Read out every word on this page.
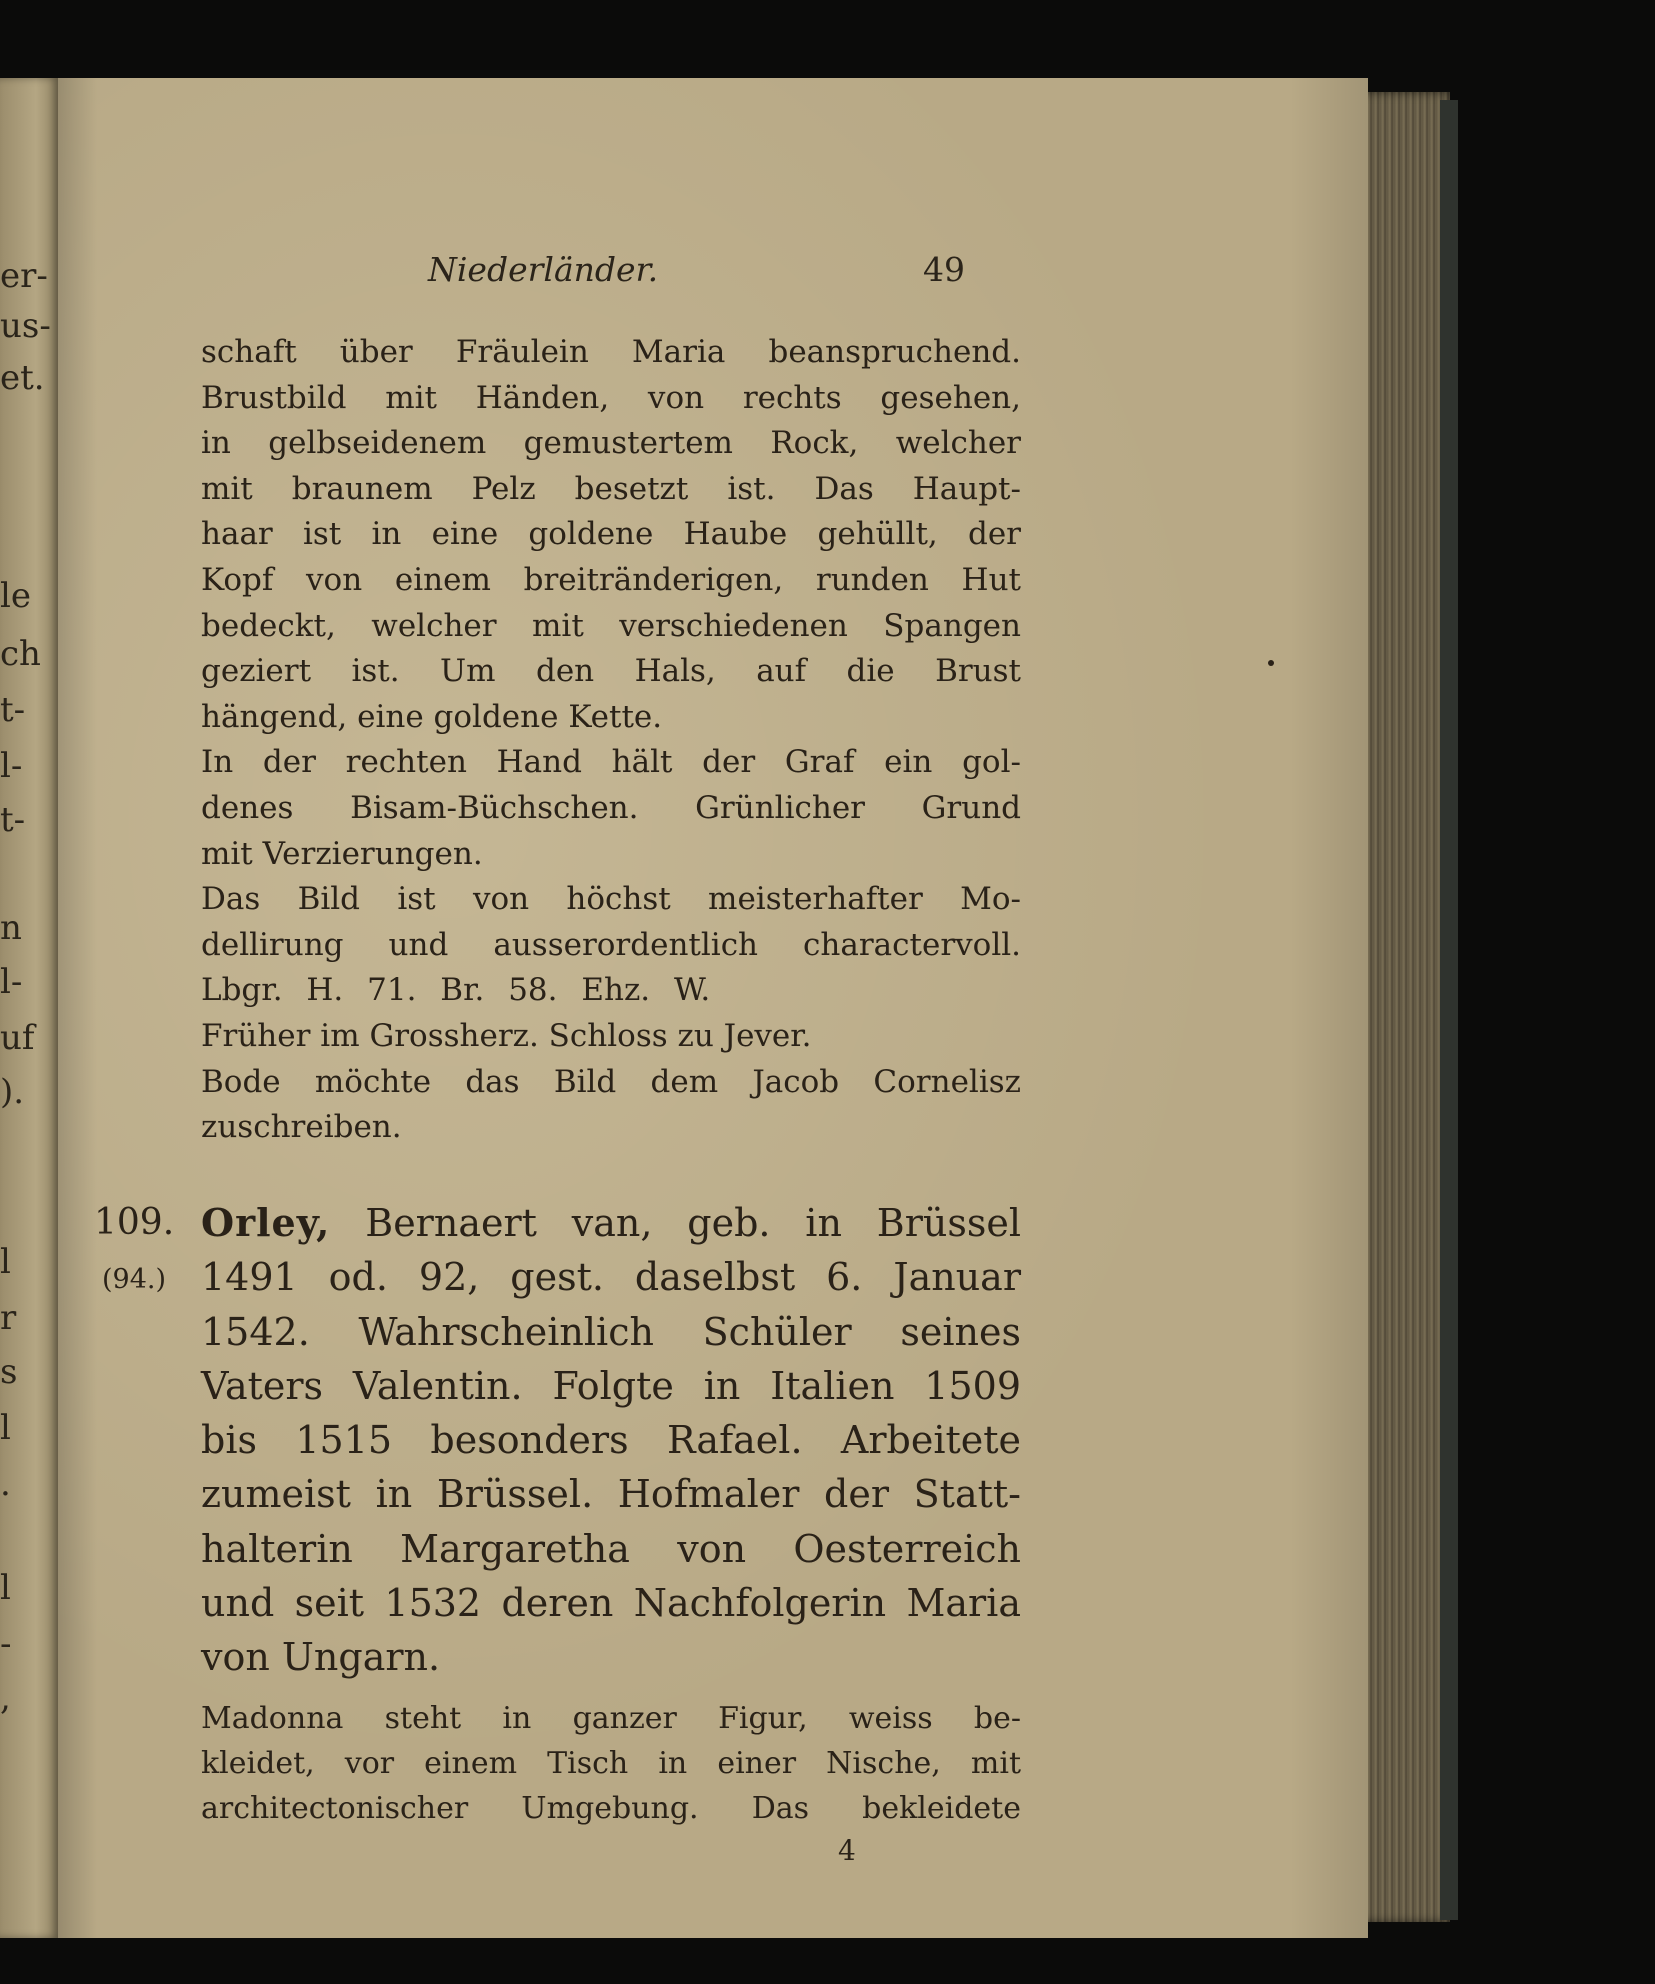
er-
us-
et.
le
ch
t-
l-
t-
n
l-
uf
).
l
r
s
l
.
l
-
,
Niederländer.	49
schaft über Fräulein Maria beanspruchend.
Brustbild mit Händen, von rechts gesehen,
in gelbseidenem gemustertem Rock, welcher
mit braunem Pelz besetzt ist. Das Haupt-
haar ist in eine goldene Haube gehüllt, der
Kopf von einem breitränderigen, runden Hut
bedeckt, welcher mit verschiedenen Spangen
geziert ist. Um den Hals, auf die Brust
hängend, eine goldene Kette.
In der rechten Hand hält der Graf ein gol-
denes Bisam-Büchschen. Grünlicher Grund
mit Verzierungen.
Das Bild ist von höchst meisterhafter Mo-
dellirung und ausserordentlich charactervoll.
Lbgr. H. 71. Br. 58. Ehz. W.
Früher im Grossherz. Schloss zu Jever.
Bode möchte das Bild dem Jacob Cornelisz
zuschreiben.
109.
(94.)
Orley, Bernaert van, geb. in Brüssel
1491 od. 92, gest. daselbst 6. Januar
1542. Wahrscheinlich Schüler seines
Vaters Valentin. Folgte in Italien 1509
bis 1515 besonders Rafael. Arbeitete
zumeist in Brüssel. Hofmaler der Statt-
halterin Margaretha von Oesterreich
und seit 1532 deren Nachfolgerin Maria
von Ungarn.
Madonna steht in ganzer Figur, weiss be-
kleidet, vor einem Tisch in einer Nische, mit
architectonischer Umgebung. Das bekleidete
4
